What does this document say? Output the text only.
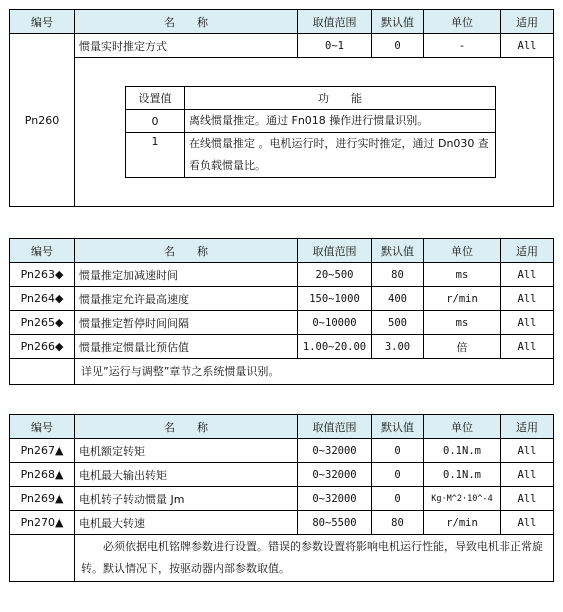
编号	名　　称	取值范围	默认值	单位	适用
Pn260	惯量实时推定方式	0~1	0	-	All

设置值	功　　能
0	离线惯量推定。通过 Fn018 操作进行惯量识别。
1	在线惯量推定 。电机运行时，进行实时推定，通过 Dn030 查看负载惯量比。
编号	名　　称	取值范围	默认值	单位	适用
Pn263◆	惯量推定加减速时间	20~500	80	ms	All
Pn264◆	惯量推定允许最高速度	150~1000	400	r/min	All
Pn265◆	惯量推定暂停时间间隔	0~10000	500	ms	All
Pn266◆	惯量推定惯量比预估值	1.00~20.00	3.00	倍	All
	详见”运行与调整”章节之系统惯量识别。				
编号	名　　称	取值范围	默认值	单位	适用
Pn267▲	电机额定转矩	0~32000	0	0.1N.m	All
Pn268▲	电机最大输出转矩	0~32000	0	0.1N.m	All
Pn269▲	电机转子转动惯量 Jm	0~32000	0	Kg·M^2·10^-4	All
Pn270▲	电机最大转速	80~5500	80	r/min	All
	必须依据电机铭牌参数进行设置。错误的参数设置将影响电机运行性能，导致电机非正常旋转。默认情况下，按驱动器内部参数取值。				
